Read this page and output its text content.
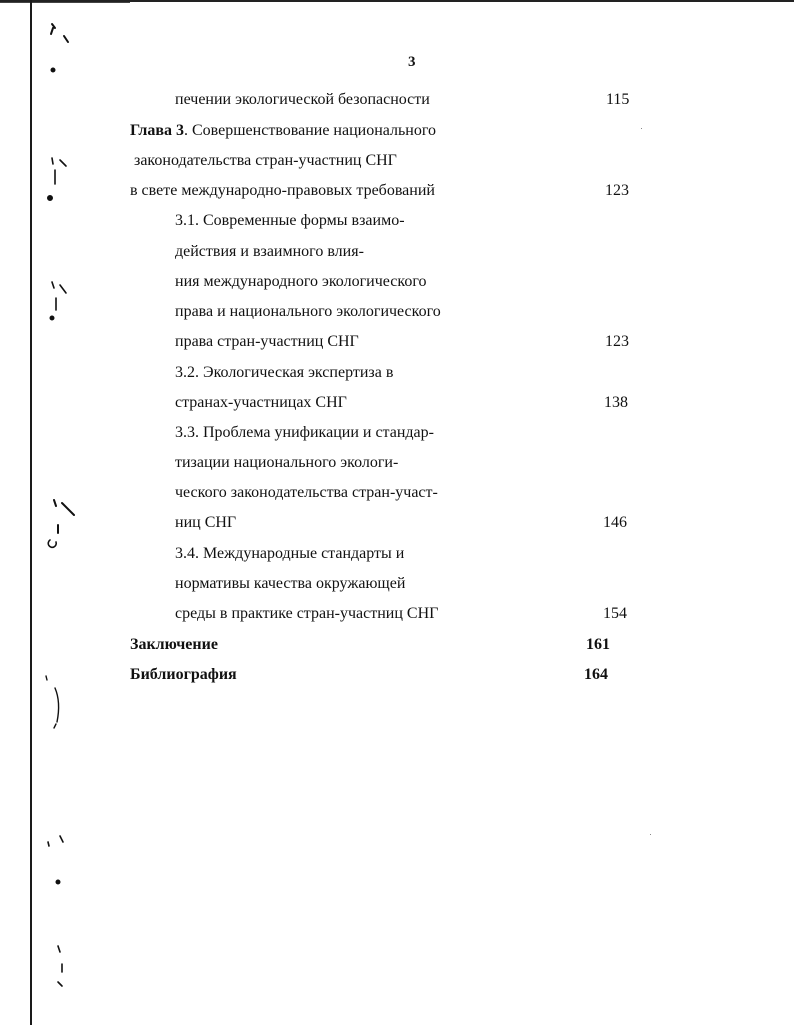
3
печении экологической безопасности	115
Глава 3. Совершенствование национального
законодательства стран-участниц СНГ
в свете международно-правовых требований	123
3.1. Современные формы взаимо-
действия и взаимного влия-
ния международного экологического
права и национального экологического
права стран-участниц СНГ	123
3.2. Экологическая экспертиза в
странах-участницах СНГ	138
3.3. Проблема унификации и стандар-
тизации национального экологи-
ческого законодательства стран-участ-
ниц СНГ	146
3.4. Международные стандарты и
нормативы качества окружающей
среды в практике стран-участниц СНГ	154
Заключение	161
Библиография	164
